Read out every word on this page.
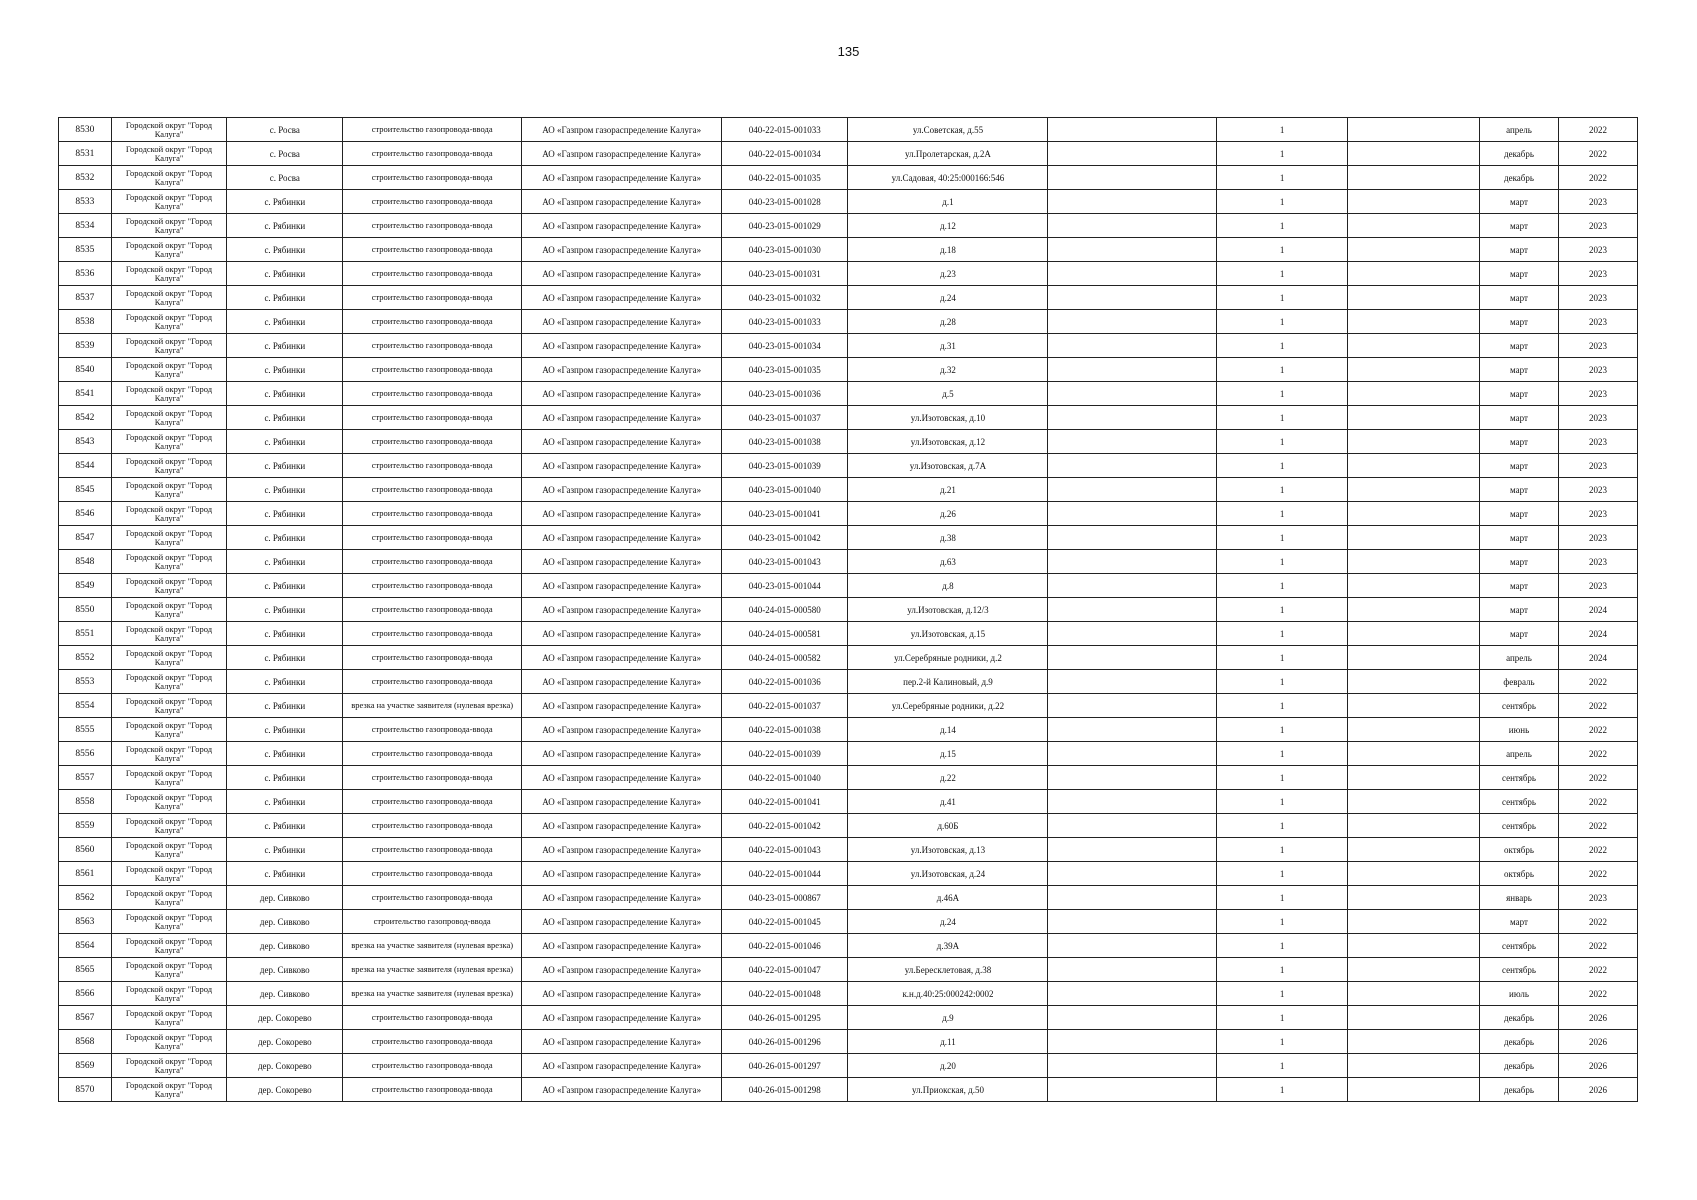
135
8530	Городской округ "Город Калуга"	с. Росва	строительство газопровода-ввода	АО «Газпром газораспределение Калуга»	040-22-015-001033	ул.Советская, д.55		1		апрель	2022
8531	Городской округ "Город Калуга"	с. Росва	строительство газопровода-ввода	АО «Газпром газораспределение Калуга»	040-22-015-001034	ул.Пролетарская, д.2А		1		декабрь	2022
8532	Городской округ "Город Калуга"	с. Росва	строительство газопровода-ввода	АО «Газпром газораспределение Калуга»	040-22-015-001035	ул.Садовая, 40:25:000166:546		1		декабрь	2022
8533	Городской округ "Город Калуга"	с. Рябинки	строительство газопровода-ввода	АО «Газпром газораспределение Калуга»	040-23-015-001028	д.1		1		март	2023
8534	Городской округ "Город Калуга"	с. Рябинки	строительство газопровода-ввода	АО «Газпром газораспределение Калуга»	040-23-015-001029	д.12		1		март	2023
8535	Городской округ "Город Калуга"	с. Рябинки	строительство газопровода-ввода	АО «Газпром газораспределение Калуга»	040-23-015-001030	д.18		1		март	2023
8536	Городской округ "Город Калуга"	с. Рябинки	строительство газопровода-ввода	АО «Газпром газораспределение Калуга»	040-23-015-001031	д.23		1		март	2023
8537	Городской округ "Город Калуга"	с. Рябинки	строительство газопровода-ввода	АО «Газпром газораспределение Калуга»	040-23-015-001032	д.24		1		март	2023
8538	Городской округ "Город Калуга"	с. Рябинки	строительство газопровода-ввода	АО «Газпром газораспределение Калуга»	040-23-015-001033	д.28		1		март	2023
8539	Городской округ "Город Калуга"	с. Рябинки	строительство газопровода-ввода	АО «Газпром газораспределение Калуга»	040-23-015-001034	д.31		1		март	2023
8540	Городской округ "Город Калуга"	с. Рябинки	строительство газопровода-ввода	АО «Газпром газораспределение Калуга»	040-23-015-001035	д.32		1		март	2023
8541	Городской округ "Город Калуга"	с. Рябинки	строительство газопровода-ввода	АО «Газпром газораспределение Калуга»	040-23-015-001036	д.5		1		март	2023
8542	Городской округ "Город Калуга"	с. Рябинки	строительство газопровода-ввода	АО «Газпром газораспределение Калуга»	040-23-015-001037	ул.Изотовская, д.10		1		март	2023
8543	Городской округ "Город Калуга"	с. Рябинки	строительство газопровода-ввода	АО «Газпром газораспределение Калуга»	040-23-015-001038	ул.Изотовская, д.12		1		март	2023
8544	Городской округ "Город Калуга"	с. Рябинки	строительство газопровода-ввода	АО «Газпром газораспределение Калуга»	040-23-015-001039	ул.Изотовская, д.7А		1		март	2023
8545	Городской округ "Город Калуга"	с. Рябинки	строительство газопровода-ввода	АО «Газпром газораспределение Калуга»	040-23-015-001040	д.21		1		март	2023
8546	Городской округ "Город Калуга"	с. Рябинки	строительство газопровода-ввода	АО «Газпром газораспределение Калуга»	040-23-015-001041	д.26		1		март	2023
8547	Городской округ "Город Калуга"	с. Рябинки	строительство газопровода-ввода	АО «Газпром газораспределение Калуга»	040-23-015-001042	д.38		1		март	2023
8548	Городской округ "Город Калуга"	с. Рябинки	строительство газопровода-ввода	АО «Газпром газораспределение Калуга»	040-23-015-001043	д.63		1		март	2023
8549	Городской округ "Город Калуга"	с. Рябинки	строительство газопровода-ввода	АО «Газпром газораспределение Калуга»	040-23-015-001044	д.8		1		март	2023
8550	Городской округ "Город Калуга"	с. Рябинки	строительство газопровода-ввода	АО «Газпром газораспределение Калуга»	040-24-015-000580	ул.Изотовская, д.12/3		1		март	2024
8551	Городской округ "Город Калуга"	с. Рябинки	строительство газопровода-ввода	АО «Газпром газораспределение Калуга»	040-24-015-000581	ул.Изотовская, д.15		1		март	2024
8552	Городской округ "Город Калуга"	с. Рябинки	строительство газопровода-ввода	АО «Газпром газораспределение Калуга»	040-24-015-000582	ул.Серебряные родники, д.2		1		апрель	2024
8553	Городской округ "Город Калуга"	с. Рябинки	строительство газопровода-ввода	АО «Газпром газораспределение Калуга»	040-22-015-001036	пер.2-й Калиновый, д.9		1		февраль	2022
8554	Городской округ "Город Калуга"	с. Рябинки	врезка на участке заявителя (нулевая врезка)	АО «Газпром газораспределение Калуга»	040-22-015-001037	ул.Серебряные родники, д.22		1		сентябрь	2022
8555	Городской округ "Город Калуга"	с. Рябинки	строительство газопровода-ввода	АО «Газпром газораспределение Калуга»	040-22-015-001038	д.14		1		июнь	2022
8556	Городской округ "Город Калуга"	с. Рябинки	строительство газопровода-ввода	АО «Газпром газораспределение Калуга»	040-22-015-001039	д.15		1		апрель	2022
8557	Городской округ "Город Калуга"	с. Рябинки	строительство газопровода-ввода	АО «Газпром газораспределение Калуга»	040-22-015-001040	д.22		1		сентябрь	2022
8558	Городской округ "Город Калуга"	с. Рябинки	строительство газопровода-ввода	АО «Газпром газораспределение Калуга»	040-22-015-001041	д.41		1		сентябрь	2022
8559	Городской округ "Город Калуга"	с. Рябинки	строительство газопровода-ввода	АО «Газпром газораспределение Калуга»	040-22-015-001042	д.60Б		1		сентябрь	2022
8560	Городской округ "Город Калуга"	с. Рябинки	строительство газопровода-ввода	АО «Газпром газораспределение Калуга»	040-22-015-001043	ул.Изотовская, д.13		1		октябрь	2022
8561	Городской округ "Город Калуга"	с. Рябинки	строительство газопровода-ввода	АО «Газпром газораспределение Калуга»	040-22-015-001044	ул.Изотовская, д.24		1		октябрь	2022
8562	Городской округ "Город Калуга"	дер. Сивково	строительство газопровода-ввода	АО «Газпром газораспределение Калуга»	040-23-015-000867	д.46А		1		январь	2023
8563	Городской округ "Город Калуга"	дер. Сивково	строительство газопровод-ввода	АО «Газпром газораспределение Калуга»	040-22-015-001045	д.24		1		март	2022
8564	Городской округ "Город Калуга"	дер. Сивково	врезка на участке заявителя (нулевая врезка)	АО «Газпром газораспределение Калуга»	040-22-015-001046	д.39А		1		сентябрь	2022
8565	Городской округ "Город Калуга"	дер. Сивково	врезка на участке заявителя (нулевая врезка)	АО «Газпром газораспределение Калуга»	040-22-015-001047	ул.Бересклетовая, д.38		1		сентябрь	2022
8566	Городской округ "Город Калуга"	дер. Сивково	врезка на участке заявителя (нулевая врезка)	АО «Газпром газораспределение Калуга»	040-22-015-001048	к.н.д.40:25:000242:0002		1		июль	2022
8567	Городской округ "Город Калуга"	дер. Сокорево	строительство газопровода-ввода	АО «Газпром газораспределение Калуга»	040-26-015-001295	д.9		1		декабрь	2026
8568	Городской округ "Город Калуга"	дер. Сокорево	строительство газопровода-ввода	АО «Газпром газораспределение Калуга»	040-26-015-001296	д.11		1		декабрь	2026
8569	Городской округ "Город Калуга"	дер. Сокорево	строительство газопровода-ввода	АО «Газпром газораспределение Калуга»	040-26-015-001297	д.20		1		декабрь	2026
8570	Городской округ "Город Калуга"	дер. Сокорево	строительство газопровода-ввода	АО «Газпром газораспределение Калуга»	040-26-015-001298	ул.Приокская, д.50		1		декабрь	2026
